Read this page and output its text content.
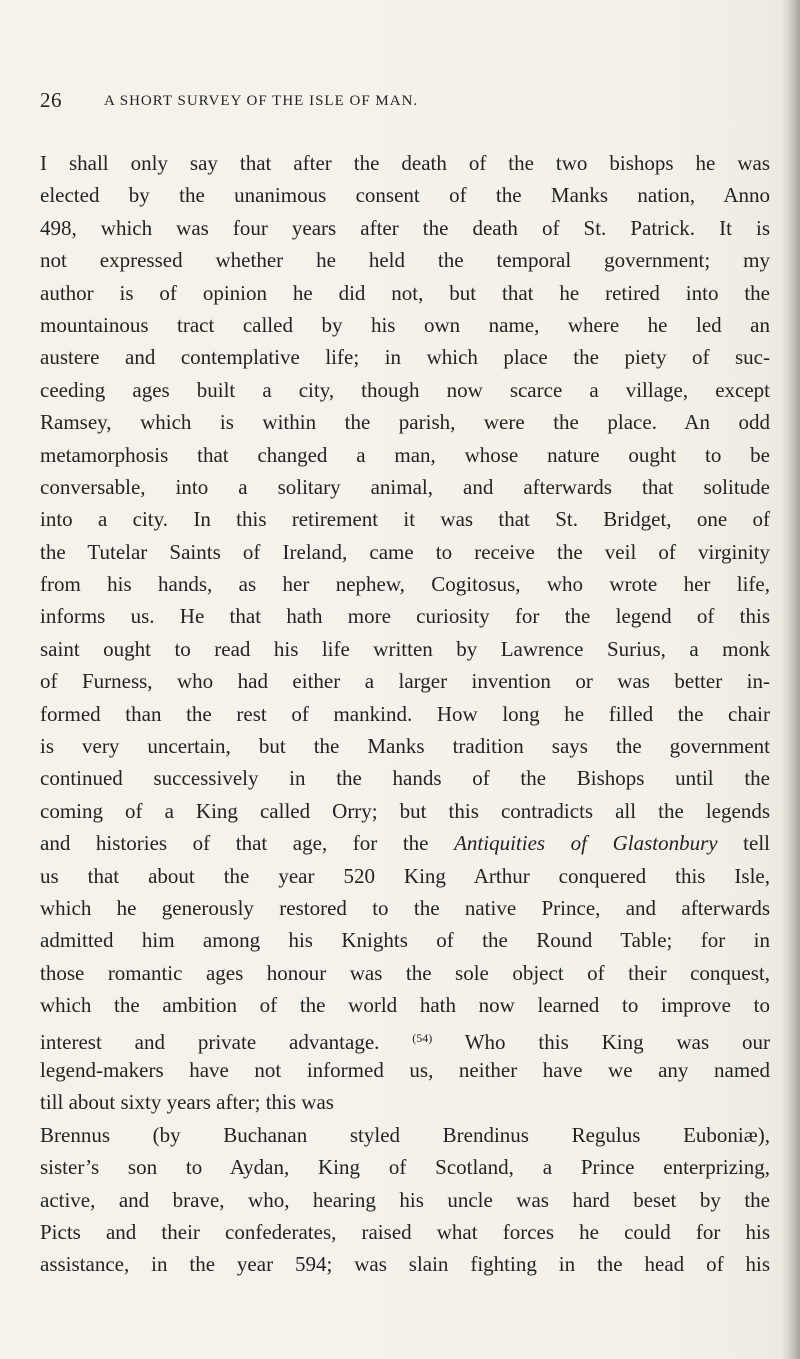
26	A SHORT SURVEY OF THE ISLE OF MAN.
I shall only say that after the death of the two bishops he was
elected by the unanimous consent of the Manks nation, Anno
498, which was four years after the death of St. Patrick. It is
not expressed whether he held the temporal government; my
author is of opinion he did not, but that he retired into the
mountainous tract called by his own name, where he led an
austere and contemplative life; in which place the piety of suc-
ceeding ages built a city, though now scarce a village, except
Ramsey, which is within the parish, were the place. An odd
metamorphosis that changed a man, whose nature ought to be
conversable, into a solitary animal, and afterwards that solitude
into a city. In this retirement it was that St. Bridget, one of
the Tutelar Saints of Ireland, came to receive the veil of virginity
from his hands, as her nephew, Cogitosus, who wrote her life,
informs us. He that hath more curiosity for the legend of this
saint ought to read his life written by Lawrence Surius, a monk
of Furness, who had either a larger invention or was better in-
formed than the rest of mankind. How long he filled the chair
is very uncertain, but the Manks tradition says the government
continued successively in the hands of the Bishops until the
coming of a King called Orry; but this contradicts all the legends
and histories of that age, for the Antiquities of Glastonbury tell
us that about the year 520 King Arthur conquered this Isle,
which he generously restored to the native Prince, and afterwards
admitted him among his Knights of the Round Table; for in
those romantic ages honour was the sole object of their conquest,
which the ambition of the world hath now learned to improve to
interest and private advantage. $^{(54)}$ Who this King was our
legend-makers have not informed us, neither have we any named
till about sixty years after; this was
Brennus (by Buchanan styled Brendinus Regulus Euboniæ),
sister’s son to Aydan, King of Scotland, a Prince enterprizing,
active, and brave, who, hearing his uncle was hard beset by the
Picts and their confederates, raised what forces he could for his
assistance, in the year 594; was slain fighting in the head of his
